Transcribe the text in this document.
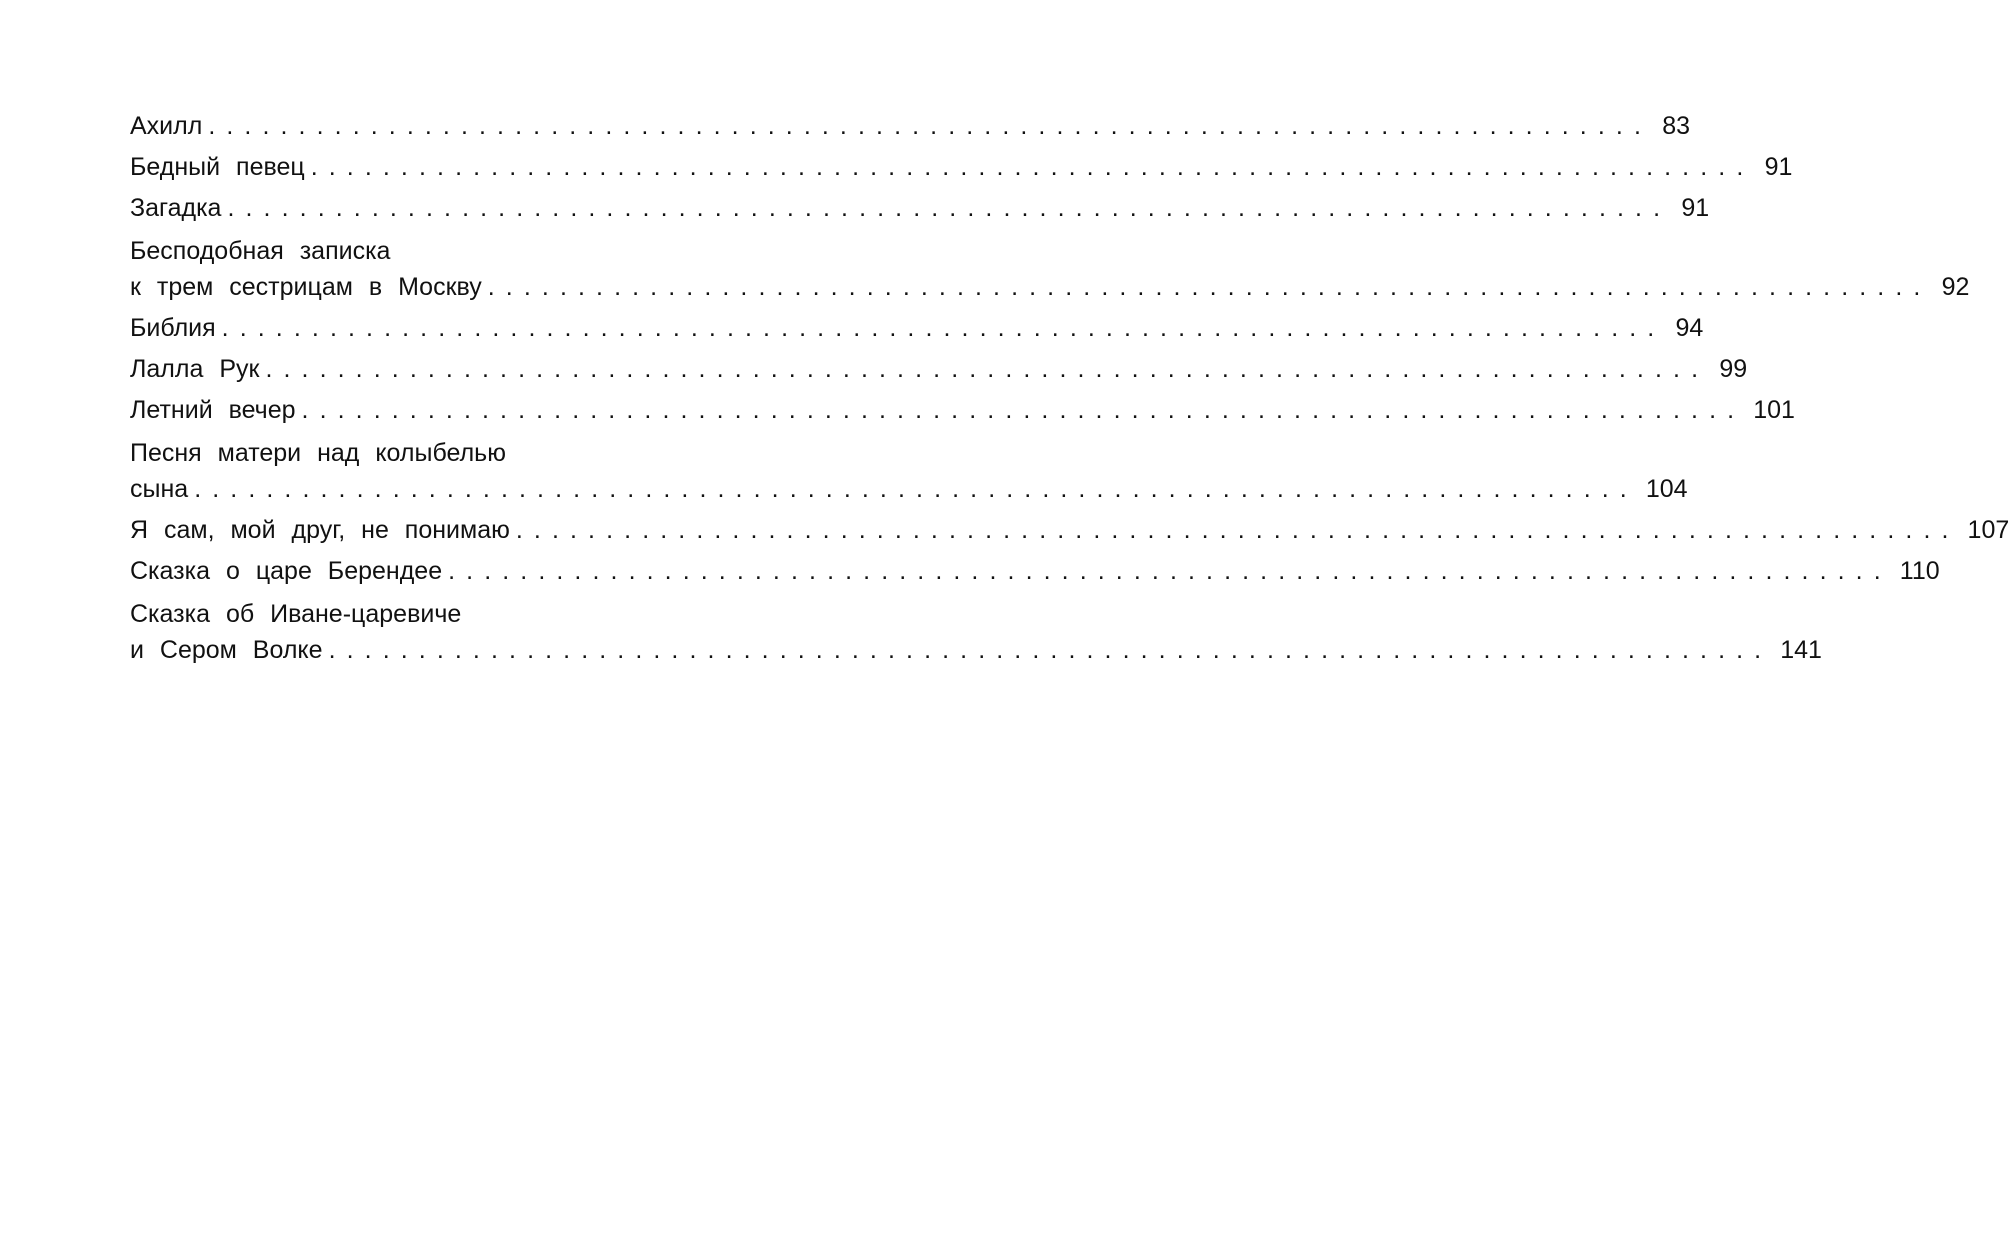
Ахилл ................................................................................ 83
Бедный певец ................................................................................ 91
Загадка ................................................................................ 91
Бесподобная записка
к трем сестрицам в Москву ................................................................................ 92
Библия ................................................................................ 94
Лалла Рук ................................................................................ 99
Летний вечер ................................................................................ 101
Песня матери над колыбелью
сына ................................................................................ 104
Я сам, мой друг, не понимаю ................................................................................ 107
Сказка о царе Берендее ................................................................................ 110
Сказка об Иване-царевиче
и Сером Волке ................................................................................ 141
